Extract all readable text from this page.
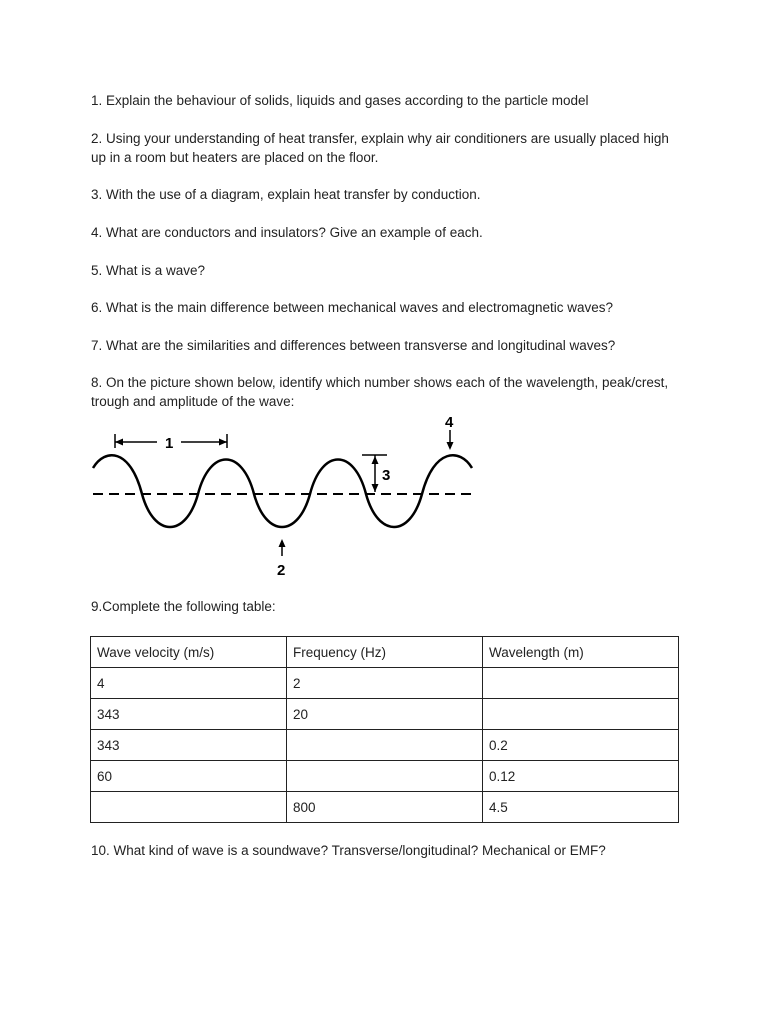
1. Explain the behaviour of solids, liquids and gases according to the particle model

2. Using your understanding of heat transfer, explain why air conditioners are usually placed high up in a room but heaters are placed on the floor.

3. With the use of a diagram, explain heat transfer by conduction.

4. What are conductors and insulators? Give an example of each.

5. What is a wave?

6. What is the main difference between mechanical waves and electromagnetic waves?

7. What are the similarities and differences between transverse and longitudinal waves?

8. On the picture shown below, identify which number shows each of the wavelength, peak/crest, trough and amplitude of the wave:

1
3
4
2

9.Complete the following table:

Wave velocity (m/s)	Frequency (Hz)	Wavelength (m)
4	2	
343	20	
343		0.2
60		0.12
	800	4.5

10. What kind of wave is a soundwave? Transverse/longitudinal? Mechanical or EMF?
